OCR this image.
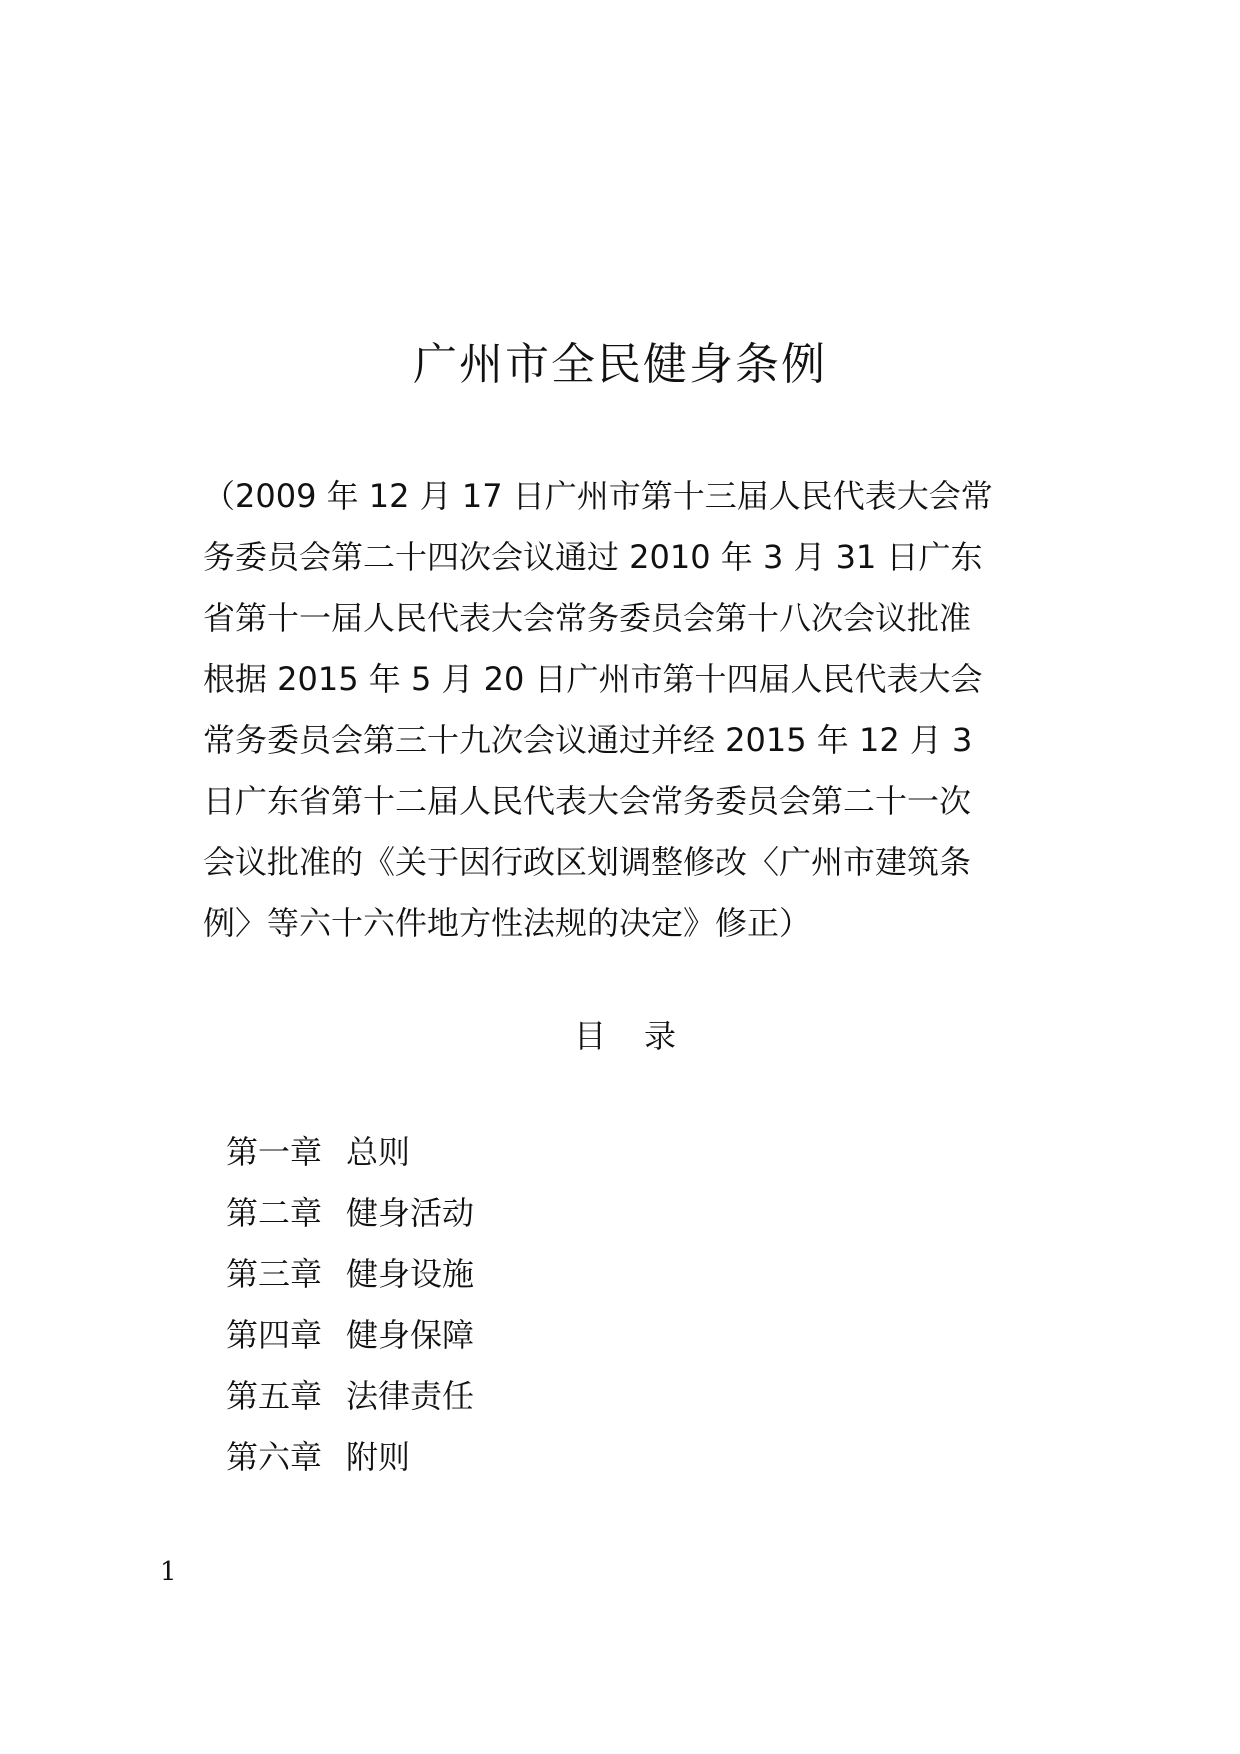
广州市全民健身条例
（2009 年 12 月 17 日广州市第十三届人民代表大会常
务委员会第二十四次会议通过 2010 年 3 月 31 日广东
省第十一届人民代表大会常务委员会第十八次会议批准
根据 2015 年 5 月 20 日广州市第十四届人民代表大会
常务委员会第三十九次会议通过并经 2015 年 12 月 3
日广东省第十二届人民代表大会常务委员会第二十一次
会议批准的《关于因行政区划调整修改〈广州市建筑条
例〉等六十六件地方性法规的决定》修正）
目录
第一章 总则
第二章 健身活动
第三章 健身设施
第四章 健身保障
第五章 法律责任
第六章 附则
1
